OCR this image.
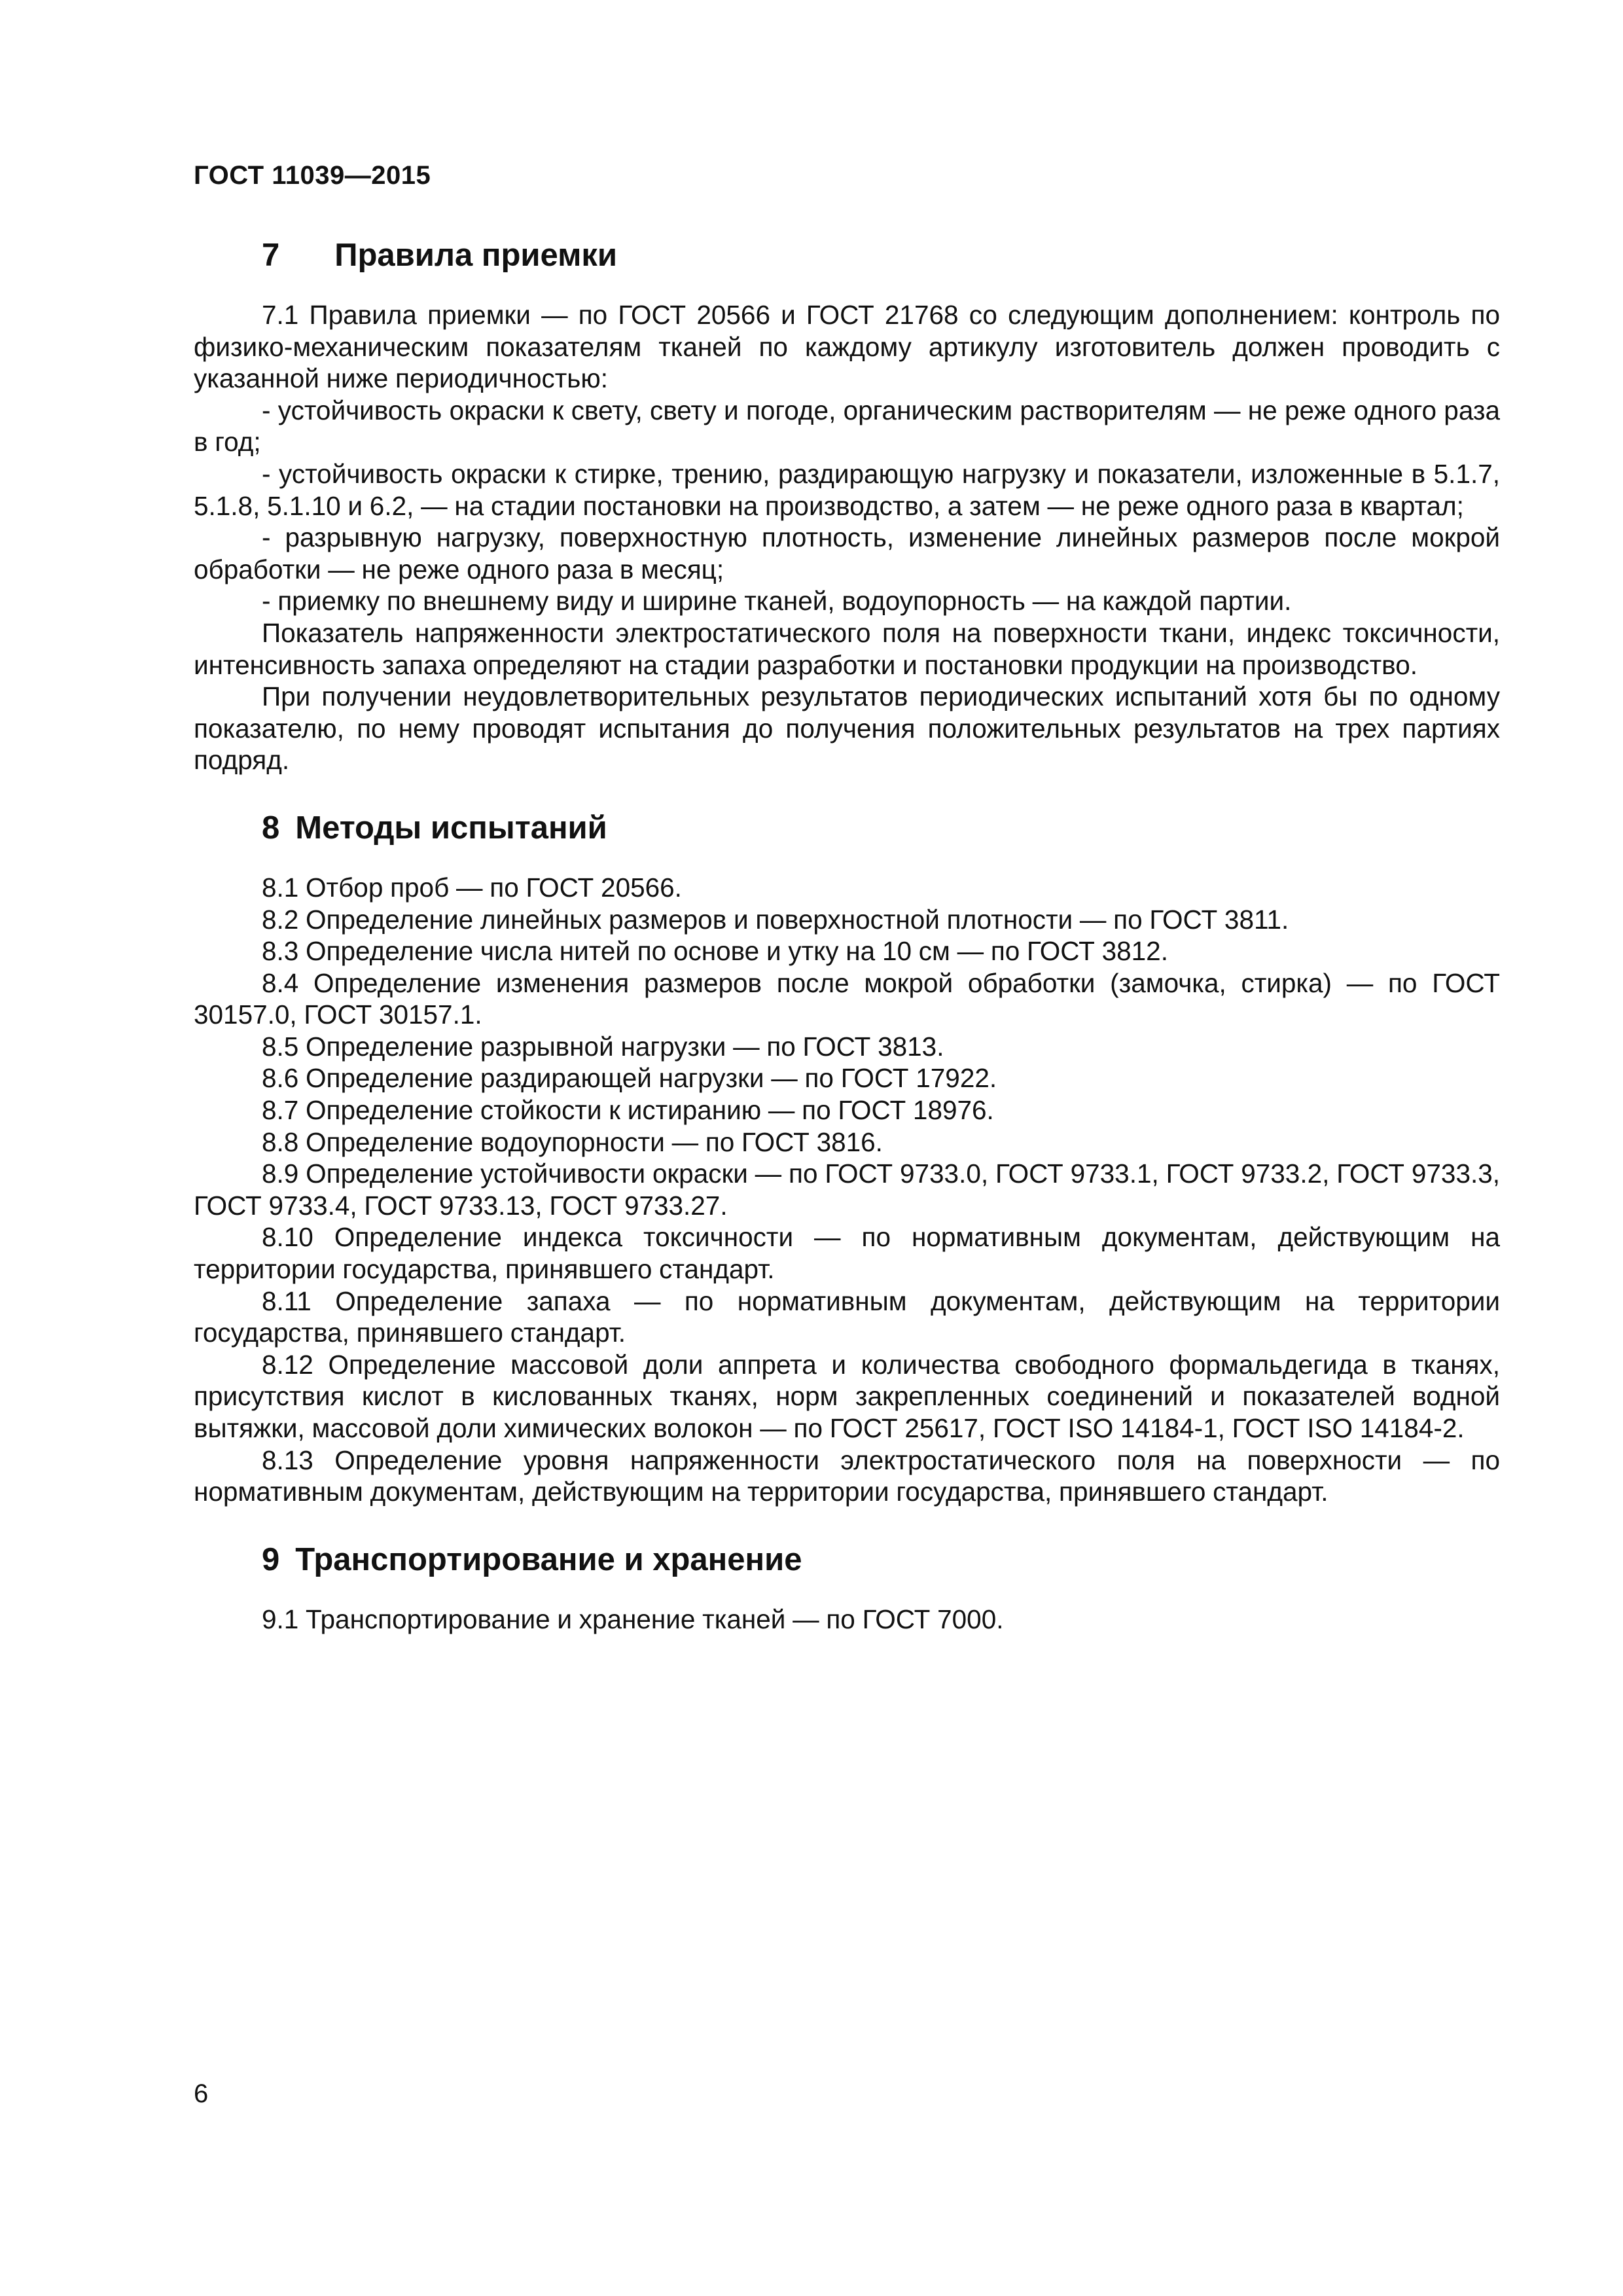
ГОСТ 11039—2015

7 Правила приемки

7.1 Правила приемки — по ГОСТ 20566 и ГОСТ 21768 со следующим дополнением: контроль по физико-механическим показателям тканей по каждому артикулу изготовитель должен проводить с указанной ниже периодичностью:

- устойчивость окраски к свету, свету и погоде, органическим растворителям — не реже одного раза в год;

- устойчивость окраски к стирке, трению, раздирающую нагрузку и показатели, изложенные в 5.1.7, 5.1.8, 5.1.10 и 6.2, — на стадии постановки на производство, а затем — не реже одного раза в квартал;

- разрывную нагрузку, поверхностную плотность, изменение линейных размеров после мокрой обработки — не реже одного раза в месяц;

- приемку по внешнему виду и ширине тканей, водоупорность — на каждой партии.

Показатель напряженности электростатического поля на поверхности ткани, индекс токсичности, интенсивность запаха определяют на стадии разработки и постановки продукции на производство.

При получении неудовлетворительных результатов периодических испытаний хотя бы по одному показателю, по нему проводят испытания до получения положительных результатов на трех партиях подряд.

8 Методы испытаний

8.1 Отбор проб — по ГОСТ 20566.

8.2 Определение линейных размеров и поверхностной плотности — по ГОСТ 3811.

8.3 Определение числа нитей по основе и утку на 10 см — по ГОСТ 3812.

8.4 Определение изменения размеров после мокрой обработки (замочка, стирка) — по ГОСТ 30157.0, ГОСТ 30157.1.

8.5 Определение разрывной нагрузки — по ГОСТ 3813.

8.6 Определение раздирающей нагрузки — по ГОСТ 17922.

8.7 Определение стойкости к истиранию — по ГОСТ 18976.

8.8 Определение водоупорности — по ГОСТ 3816.

8.9 Определение устойчивости окраски — по ГОСТ 9733.0, ГОСТ 9733.1, ГОСТ 9733.2, ГОСТ 9733.3, ГОСТ 9733.4, ГОСТ 9733.13, ГОСТ 9733.27.

8.10 Определение индекса токсичности — по нормативным документам, действующим на территории государства, принявшего стандарт.

8.11 Определение запаха — по нормативным документам, действующим на территории государства, принявшего стандарт.

8.12 Определение массовой доли аппрета и количества свободного формальдегида в тканях, присутствия кислот в кислованных тканях, норм закрепленных соединений и показателей водной вытяжки, массовой доли химических волокон — по ГОСТ 25617, ГОСТ ISO 14184-1, ГОСТ ISO 14184-2.

8.13 Определение уровня напряженности электростатического поля на поверхности — по нормативным документам, действующим на территории государства, принявшего стандарт.

9 Транспортирование и хранение

9.1 Транспортирование и хранение тканей — по ГОСТ 7000.

6
